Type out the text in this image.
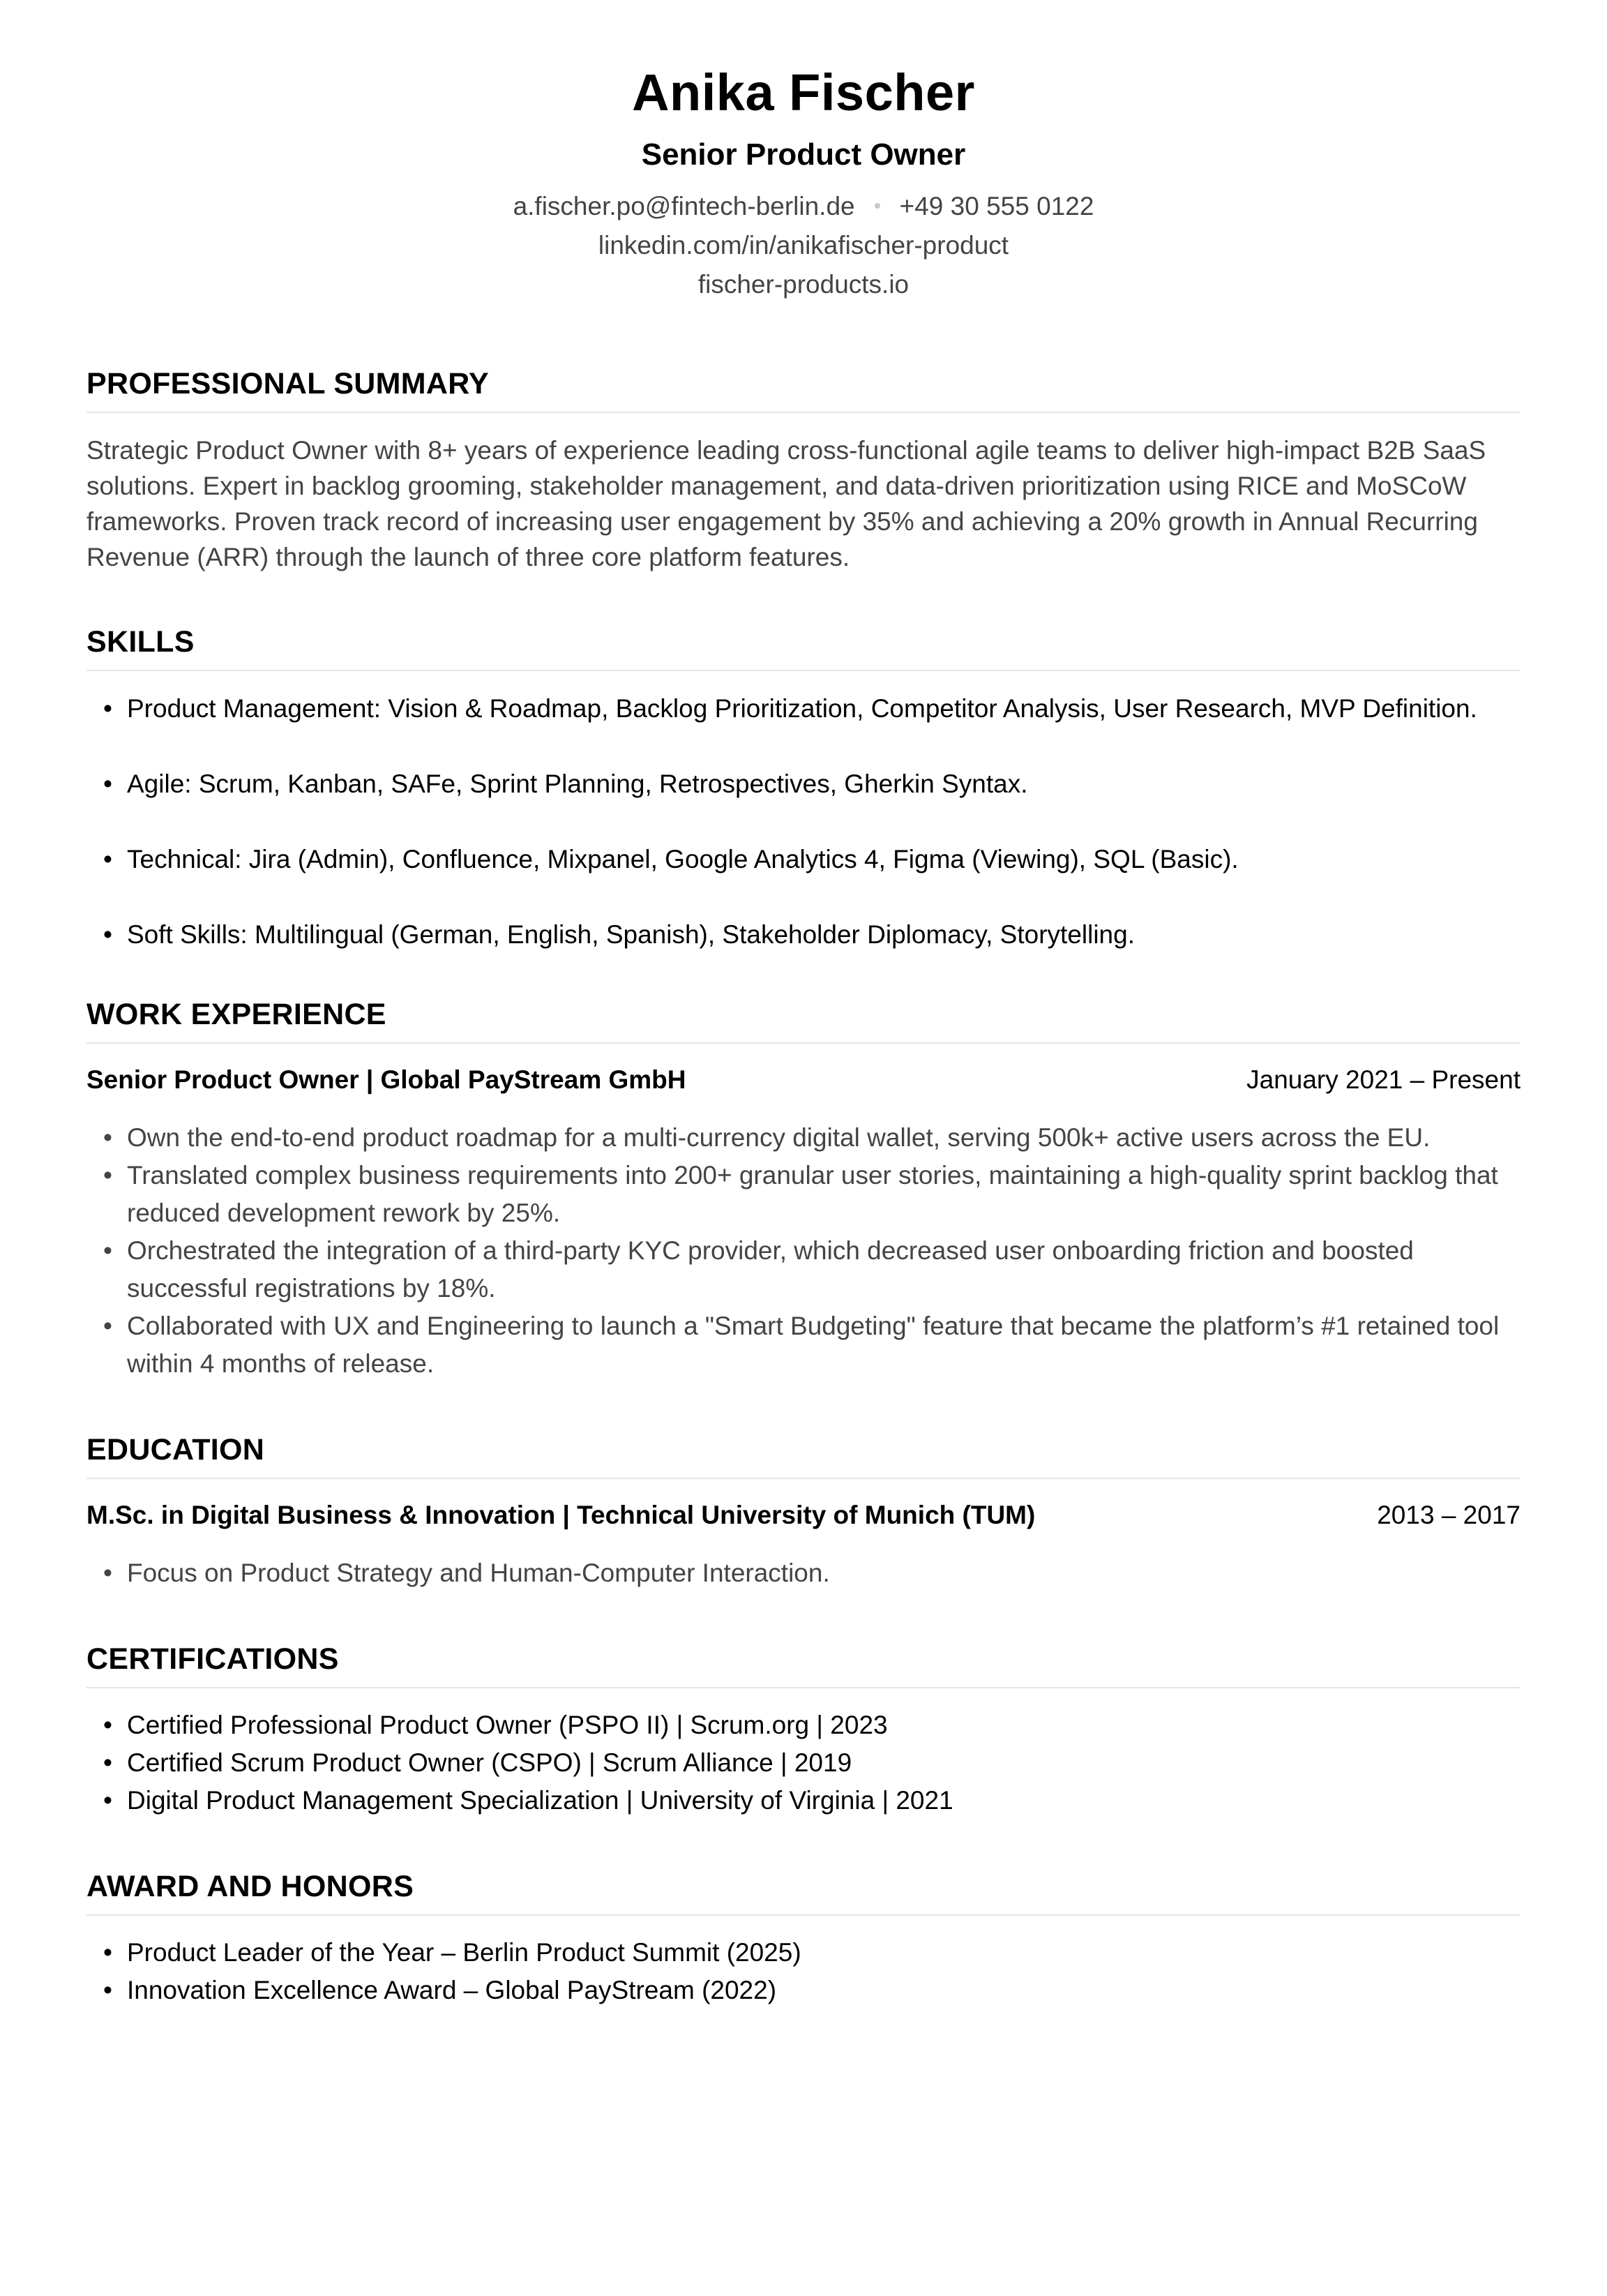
Anika Fischer
Senior Product Owner
a.fischer.po@fintech-berlin.de +49 30 555 0122
linkedin.com/in/anikafischer-product
fischer-products.io
PROFESSIONAL SUMMARY

Strategic Product Owner with 8+ years of experience leading cross-functional agile teams to deliver high-impact B2B SaaS solutions. Expert in backlog grooming, stakeholder management, and data-driven prioritization using RICE and MoSCoW frameworks. Proven track record of increasing user engagement by 35% and achieving a 20% growth in Annual Recurring Revenue (ARR) through the launch of three core platform features.

SKILLS
• Product Management: Vision & Roadmap, Backlog Prioritization, Competitor Analysis, User Research, MVP Definition.
• Agile: Scrum, Kanban, SAFe, Sprint Planning, Retrospectives, Gherkin Syntax.
• Technical: Jira (Admin), Confluence, Mixpanel, Google Analytics 4, Figma (Viewing), SQL (Basic).
• Soft Skills: Multilingual (German, English, Spanish), Stakeholder Diplomacy, Storytelling.
WORK EXPERIENCE
Senior Product Owner | Global PayStream GmbH	January 2021 – Present
• Own the end-to-end product roadmap for a multi-currency digital wallet, serving 500k+ active users across the EU.
• Translated complex business requirements into 200+ granular user stories, maintaining a high-quality sprint backlog that reduced development rework by 25%.
• Orchestrated the integration of a third-party KYC provider, which decreased user onboarding friction and boosted successful registrations by 18%.
• Collaborated with UX and Engineering to launch a "Smart Budgeting" feature that became the platform’s #1 retained tool within 4 months of release.
EDUCATION
M.Sc. in Digital Business & Innovation | Technical University of Munich (TUM)	2013 – 2017
• Focus on Product Strategy and Human-Computer Interaction.
CERTIFICATIONS
• Certified Professional Product Owner (PSPO II) | Scrum.org | 2023
• Certified Scrum Product Owner (CSPO) | Scrum Alliance | 2019
• Digital Product Management Specialization | University of Virginia | 2021
AWARD AND HONORS
• Product Leader of the Year – Berlin Product Summit (2025)
• Innovation Excellence Award – Global PayStream (2022)
